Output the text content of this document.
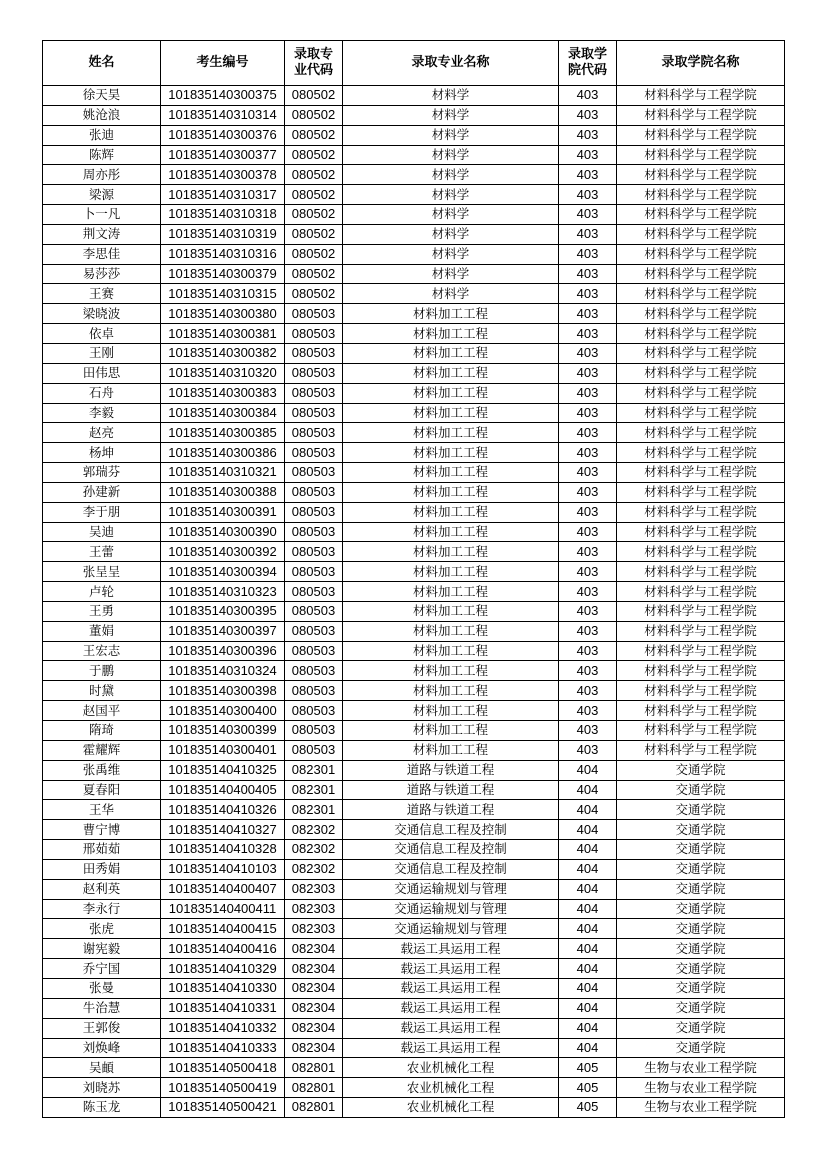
姓名	考生编号	录取专业代码	录取专业名称	录取学院代码	录取学院名称
徐天昊	101835140300375	080502	材料学	403	材料科学与工程学院
姚沧浪	101835140310314	080502	材料学	403	材料科学与工程学院
张迪	101835140300376	080502	材料学	403	材料科学与工程学院
陈辉	101835140300377	080502	材料学	403	材料科学与工程学院
周亦彤	101835140300378	080502	材料学	403	材料科学与工程学院
梁源	101835140310317	080502	材料学	403	材料科学与工程学院
卜一凡	101835140310318	080502	材料学	403	材料科学与工程学院
荆文涛	101835140310319	080502	材料学	403	材料科学与工程学院
李思佳	101835140310316	080502	材料学	403	材料科学与工程学院
易莎莎	101835140300379	080502	材料学	403	材料科学与工程学院
王赛	101835140310315	080502	材料学	403	材料科学与工程学院
梁晓波	101835140300380	080503	材料加工工程	403	材料科学与工程学院
依卓	101835140300381	080503	材料加工工程	403	材料科学与工程学院
王刚	101835140300382	080503	材料加工工程	403	材料科学与工程学院
田伟思	101835140310320	080503	材料加工工程	403	材料科学与工程学院
石舟	101835140300383	080503	材料加工工程	403	材料科学与工程学院
李毅	101835140300384	080503	材料加工工程	403	材料科学与工程学院
赵亮	101835140300385	080503	材料加工工程	403	材料科学与工程学院
杨坤	101835140300386	080503	材料加工工程	403	材料科学与工程学院
郭瑞芬	101835140310321	080503	材料加工工程	403	材料科学与工程学院
孙建新	101835140300388	080503	材料加工工程	403	材料科学与工程学院
李于朋	101835140300391	080503	材料加工工程	403	材料科学与工程学院
吴迪	101835140300390	080503	材料加工工程	403	材料科学与工程学院
王蕾	101835140300392	080503	材料加工工程	403	材料科学与工程学院
张呈呈	101835140300394	080503	材料加工工程	403	材料科学与工程学院
卢轮	101835140310323	080503	材料加工工程	403	材料科学与工程学院
王勇	101835140300395	080503	材料加工工程	403	材料科学与工程学院
董娟	101835140300397	080503	材料加工工程	403	材料科学与工程学院
王宏志	101835140300396	080503	材料加工工程	403	材料科学与工程学院
于鹏	101835140310324	080503	材料加工工程	403	材料科学与工程学院
时黛	101835140300398	080503	材料加工工程	403	材料科学与工程学院
赵国平	101835140300400	080503	材料加工工程	403	材料科学与工程学院
隋琦	101835140300399	080503	材料加工工程	403	材料科学与工程学院
霍耀辉	101835140300401	080503	材料加工工程	403	材料科学与工程学院
张禹维	101835140410325	082301	道路与铁道工程	404	交通学院
夏春阳	101835140400405	082301	道路与铁道工程	404	交通学院
王华	101835140410326	082301	道路与铁道工程	404	交通学院
曹宁博	101835140410327	082302	交通信息工程及控制	404	交通学院
邢茹茹	101835140410328	082302	交通信息工程及控制	404	交通学院
田秀娟	101835140410103	082302	交通信息工程及控制	404	交通学院
赵利英	101835140400407	082303	交通运输规划与管理	404	交通学院
李永行	101835140400411	082303	交通运输规划与管理	404	交通学院
张虎	101835140400415	082303	交通运输规划与管理	404	交通学院
谢宪毅	101835140400416	082304	载运工具运用工程	404	交通学院
乔宁国	101835140410329	082304	载运工具运用工程	404	交通学院
张曼	101835140410330	082304	载运工具运用工程	404	交通学院
牛治慧	101835140410331	082304	载运工具运用工程	404	交通学院
王郭俊	101835140410332	082304	载运工具运用工程	404	交通学院
刘焕峰	101835140410333	082304	载运工具运用工程	404	交通学院
吴頔	101835140500418	082801	农业机械化工程	405	生物与农业工程学院
刘晓苏	101835140500419	082801	农业机械化工程	405	生物与农业工程学院
陈玉龙	101835140500421	082801	农业机械化工程	405	生物与农业工程学院
